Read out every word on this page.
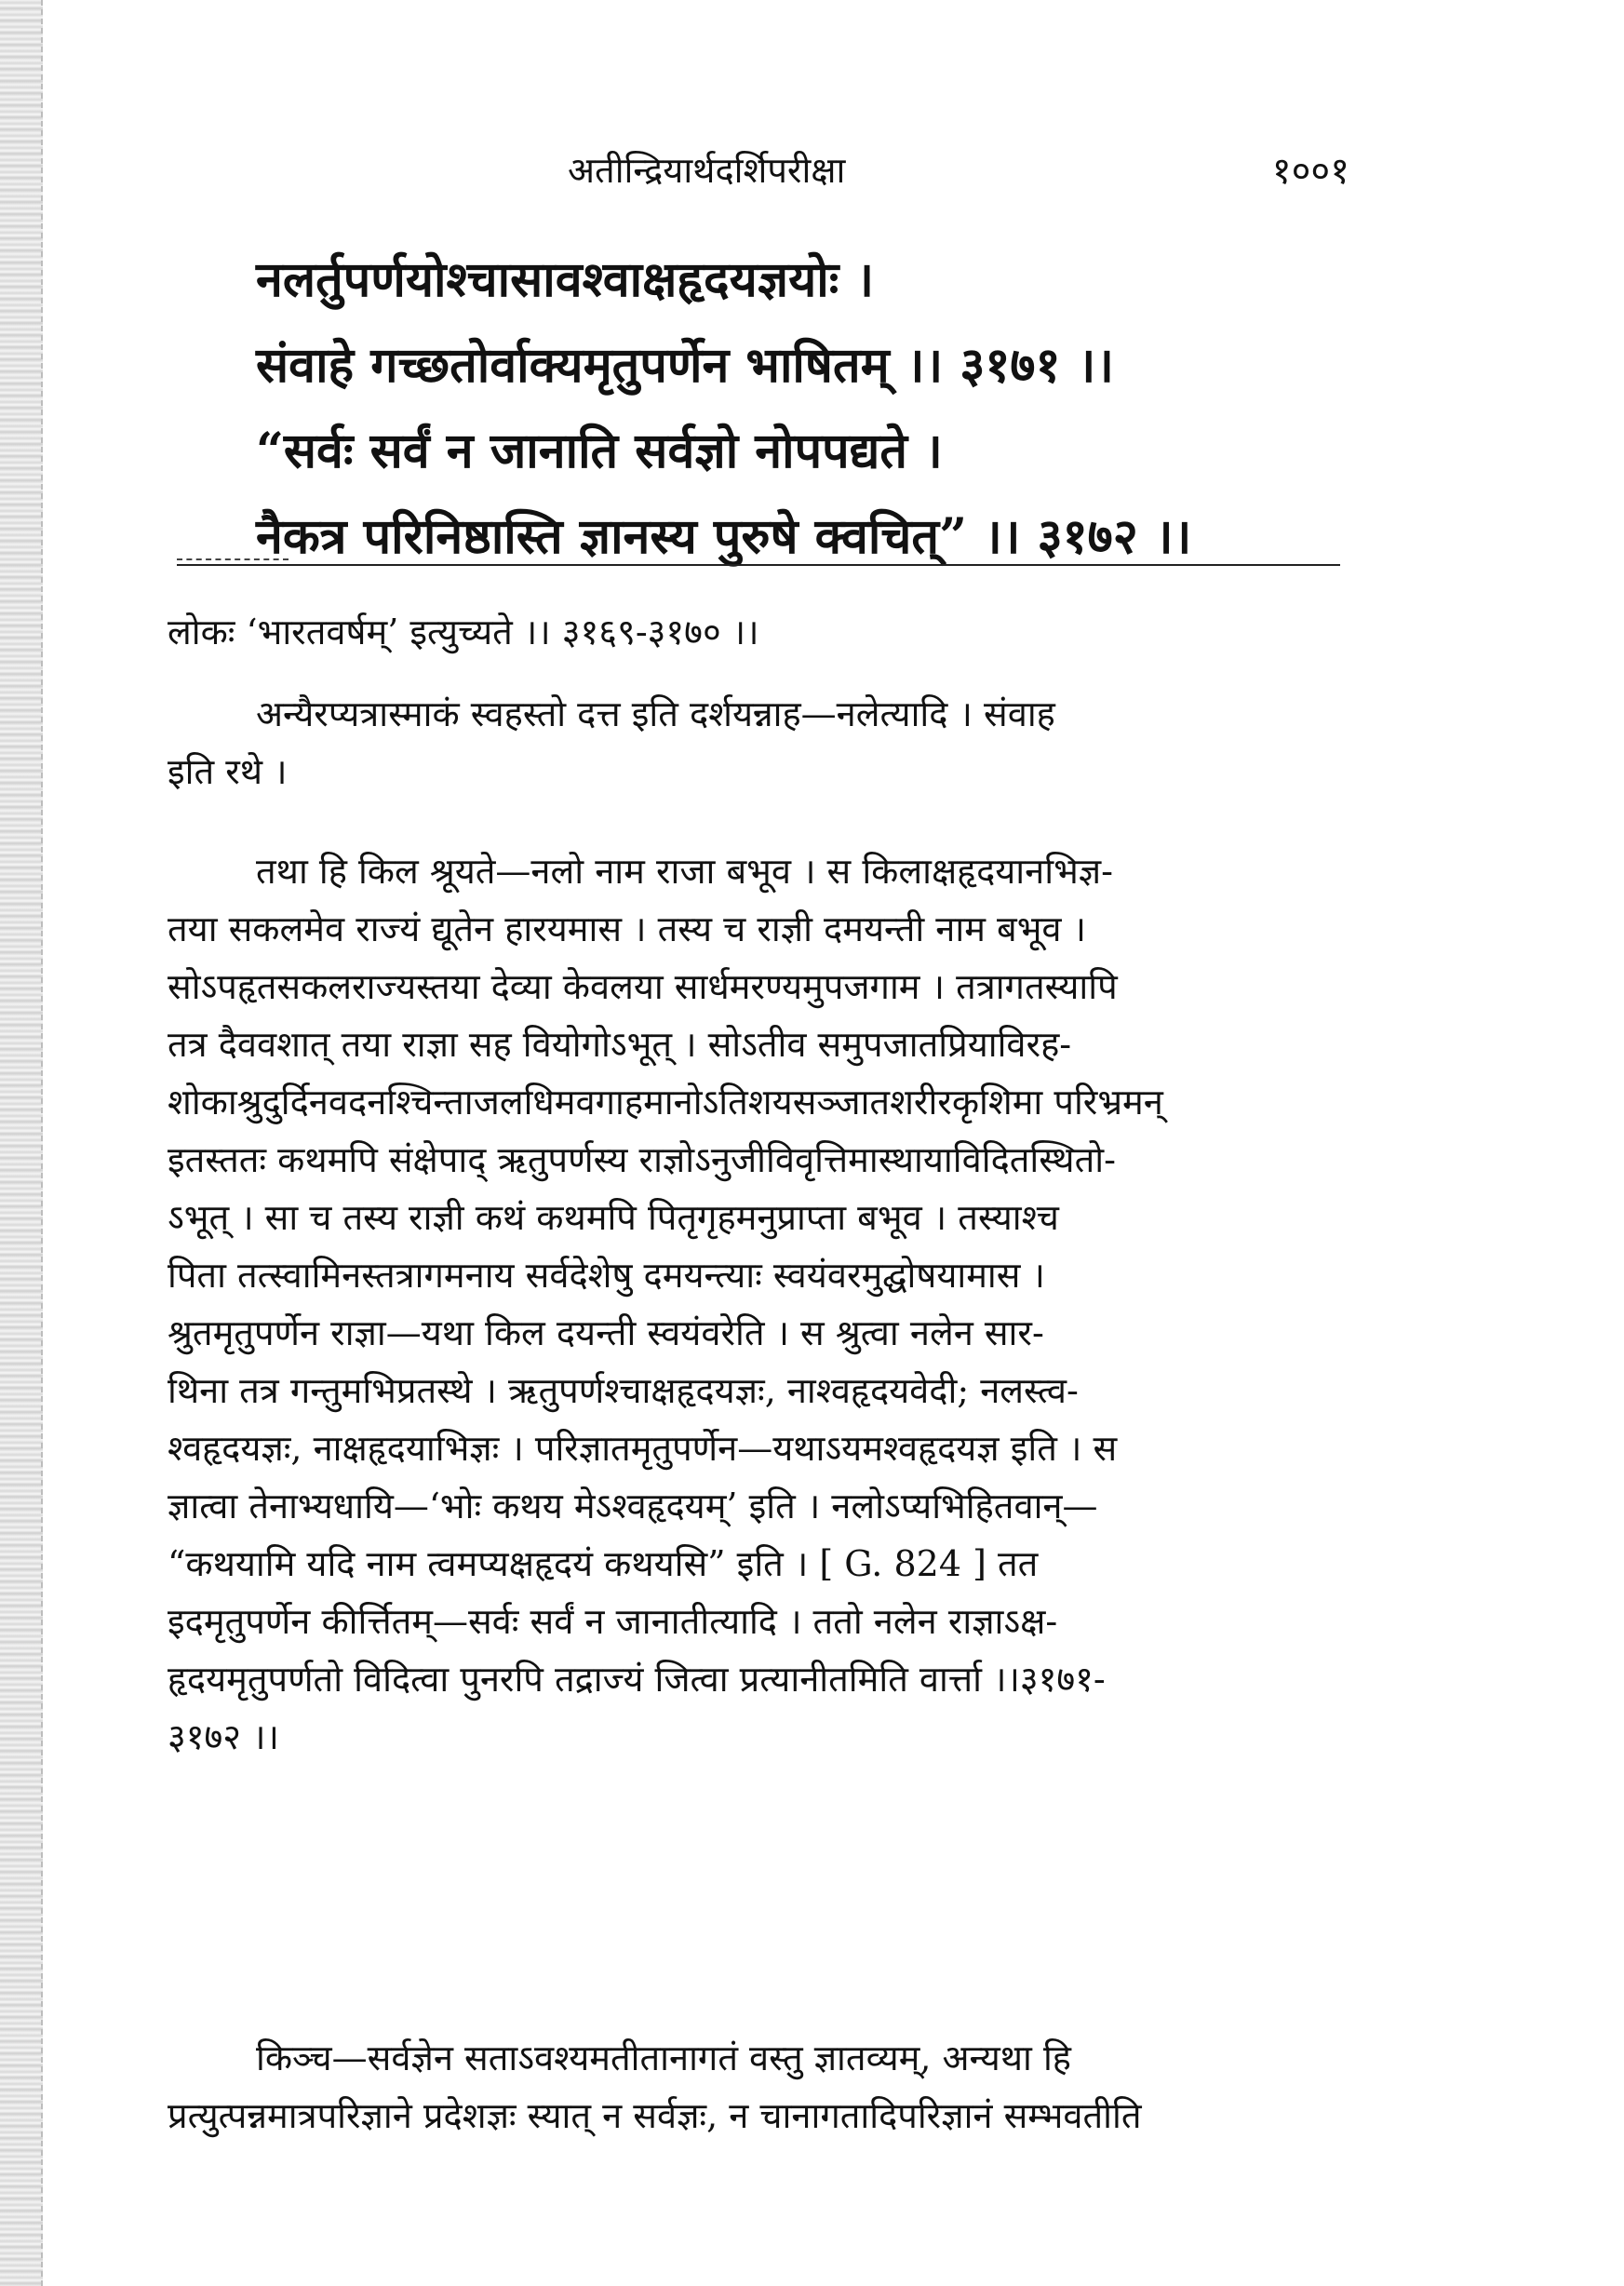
अतीन्द्रियार्थदर्शिपरीक्षा	१००१
नलर्तुपर्णयोश्चासावश्वाक्षहृदयज्ञयोः ।
संवाहे गच्छतोर्वाक्यमृतुपर्णेन भाषितम् ।। ३१७१ ।।
“सर्वः सर्वं न जानाति सर्वज्ञो नोपपद्यते ।
नैकत्र परिनिष्ठास्ति ज्ञानस्य पुरुषे क्वचित्” ।। ३१७२ ।।
लोकः ‘भारतवर्षम्’ इत्युच्यते ।। ३१६९-३१७० ।।
अन्यैरप्यत्रास्माकं स्वहस्तो दत्त इति दर्शयन्नाह—नलेत्यादि । संवाह
इति रथे ।
तथा हि किल श्रूयते—नलो नाम राजा बभूव । स किलाक्षहृदयानभिज्ञ-
तया सकलमेव राज्यं द्यूतेन हारयमास । तस्य च राज्ञी दमयन्ती नाम बभूव ।
सोऽपहृतसकलराज्यस्तया देव्या केवलया सार्धमरण्यमुपजगाम । तत्रागतस्यापि
तत्र दैववशात् तया राज्ञा सह वियोगोऽभूत् । सोऽतीव समुपजातप्रियाविरह-
शोकाश्रुदुर्दिनवदनश्चिन्ताजलधिमवगाहमानोऽतिशयसञ्जातशरीरकृशिमा परिभ्रमन्
इतस्ततः कथमपि संक्षेपाद् ऋतुपर्णस्य राज्ञोऽनुजीविवृत्तिमास्थायाविदितस्थितो-
ऽभूत् । सा च तस्य राज्ञी कथं कथमपि पितृगृहमनुप्राप्ता बभूव । तस्याश्च
पिता तत्स्वामिनस्तत्रागमनाय सर्वदेशेषु दमयन्त्याः स्वयंवरमुद्घोषयामास ।
श्रुतमृतुपर्णेन राज्ञा—यथा किल दयन्ती स्वयंवरेति । स श्रुत्वा नलेन सार-
थिना तत्र गन्तुमभिप्रतस्थे । ऋतुपर्णश्चाक्षहृदयज्ञः, नाश्वहृदयवेदी; नलस्त्व-
श्वहृदयज्ञः, नाक्षहृदयाभिज्ञः । परिज्ञातमृतुपर्णेन—यथाऽयमश्वहृदयज्ञ इति । स
ज्ञात्वा तेनाभ्यधायि—‘भोः कथय मेऽश्वहृदयम्’ इति । नलोऽप्यभिहितवान्—
“कथयामि यदि नाम त्वमप्यक्षहृदयं कथयसि” इति । [ G. 824 ] तत
इदमृतुपर्णेन कीर्त्तितम्—सर्वः सर्वं न जानातीत्यादि । ततो नलेन राज्ञाऽक्ष-
हृदयमृतुपर्णतो विदित्वा पुनरपि तद्राज्यं जित्वा प्रत्यानीतमिति वार्त्ता ।।३१७१-
३१७२ ।।
किञ्च—सर्वज्ञेन सताऽवश्यमतीतानागतं वस्तु ज्ञातव्यम्, अन्यथा हि
प्रत्युत्पन्नमात्रपरिज्ञाने प्रदेशज्ञः स्यात् न सर्वज्ञः, न चानागतादिपरिज्ञानं सम्भवतीति
